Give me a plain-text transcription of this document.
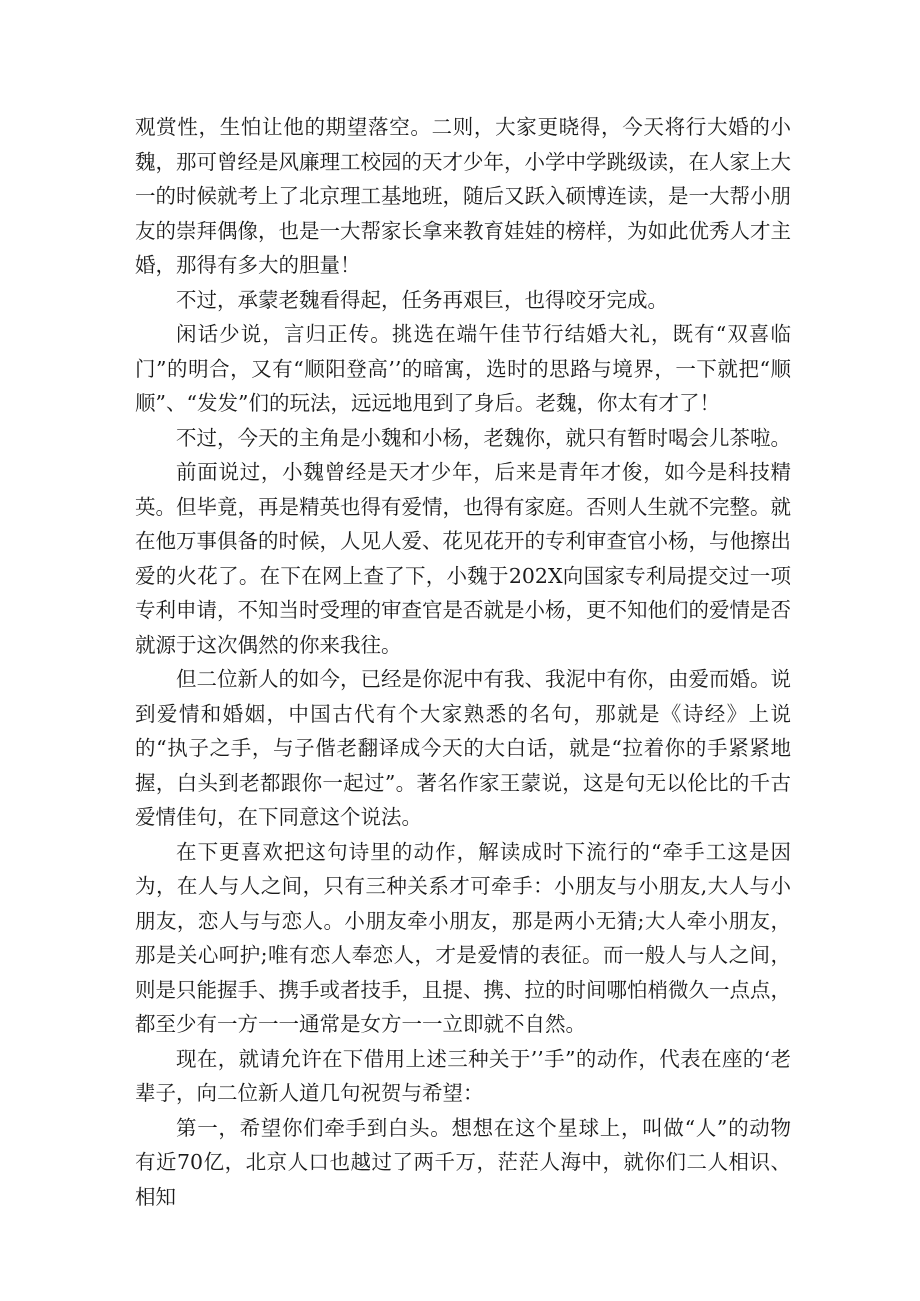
观赏性，生怕让他的期望落空。二则，大家更晓得，今天将行大婚的小魏，那可曾经是风廉理工校园的天才少年，小学中学跳级读，在人家上大一的时候就考上了北京理工基地班，随后又跃入硕博连读，是一大帮小朋友的崇拜偶像，也是一大帮家长拿来教育娃娃的榜样，为如此优秀人才主婚，那得有多大的胆量！

不过，承蒙老魏看得起，任务再艰巨，也得咬牙完成。

闲话少说，言归正传。挑选在端午佳节行结婚大礼，既有“双喜临门”的明合，又有“顺阳登高’’的暗寓，选时的思路与境界，一下就把“顺顺”、“发发”们的玩法，远远地甩到了身后。老魏，你太有才了！

不过，今天的主角是小魏和小杨，老魏你，就只有暂时喝会儿茶啦。

前面说过，小魏曾经是天才少年，后来是青年才俊，如今是科技精英。但毕竟，再是精英也得有爱情，也得有家庭。否则人生就不完整。就在他万事俱备的时候，人见人爱、花见花开的专利审查官小杨，与他擦出爱的火花了。在下在网上查了下，小魏于202X向国家专利局提交过一项专利申请，不知当时受理的审查官是否就是小杨，更不知他们的爱情是否就源于这次偶然的你来我往。

但二位新人的如今，已经是你泥中有我、我泥中有你，由爱而婚。说到爱情和婚姻，中国古代有个大家熟悉的名句，那就是《诗经》上说的“执子之手，与子偕老翻译成今天的大白话，就是“拉着你的手紧紧地握，白头到老都跟你一起过”。著名作家王蒙说，这是句无以伦比的千古爱情佳句，在下同意这个说法。

在下更喜欢把这句诗里的动作，解读成时下流行的“牵手工这是因为，在人与人之间，只有三种关系才可牵手：小朋友与小朋友,大人与小朋友，恋人与与恋人。小朋友牵小朋友，那是两小无猜;大人牵小朋友，那是关心呵护;唯有恋人奉恋人，才是爱情的表征。而一般人与人之间，则是只能握手、携手或者技手，且提、携、拉的时间哪怕梢微久一点点，都至少有一方一一通常是女方一一立即就不自然。

现在，就请允许在下借用上述三种关于’’手”的动作，代表在座的‘老辈子，向二位新人道几句祝贺与希望：

第一，希望你们牵手到白头。想想在这个星球上，叫做“人”的动物有近70亿，北京人口也越过了两千万，茫茫人海中，就你们二人相识、相知
